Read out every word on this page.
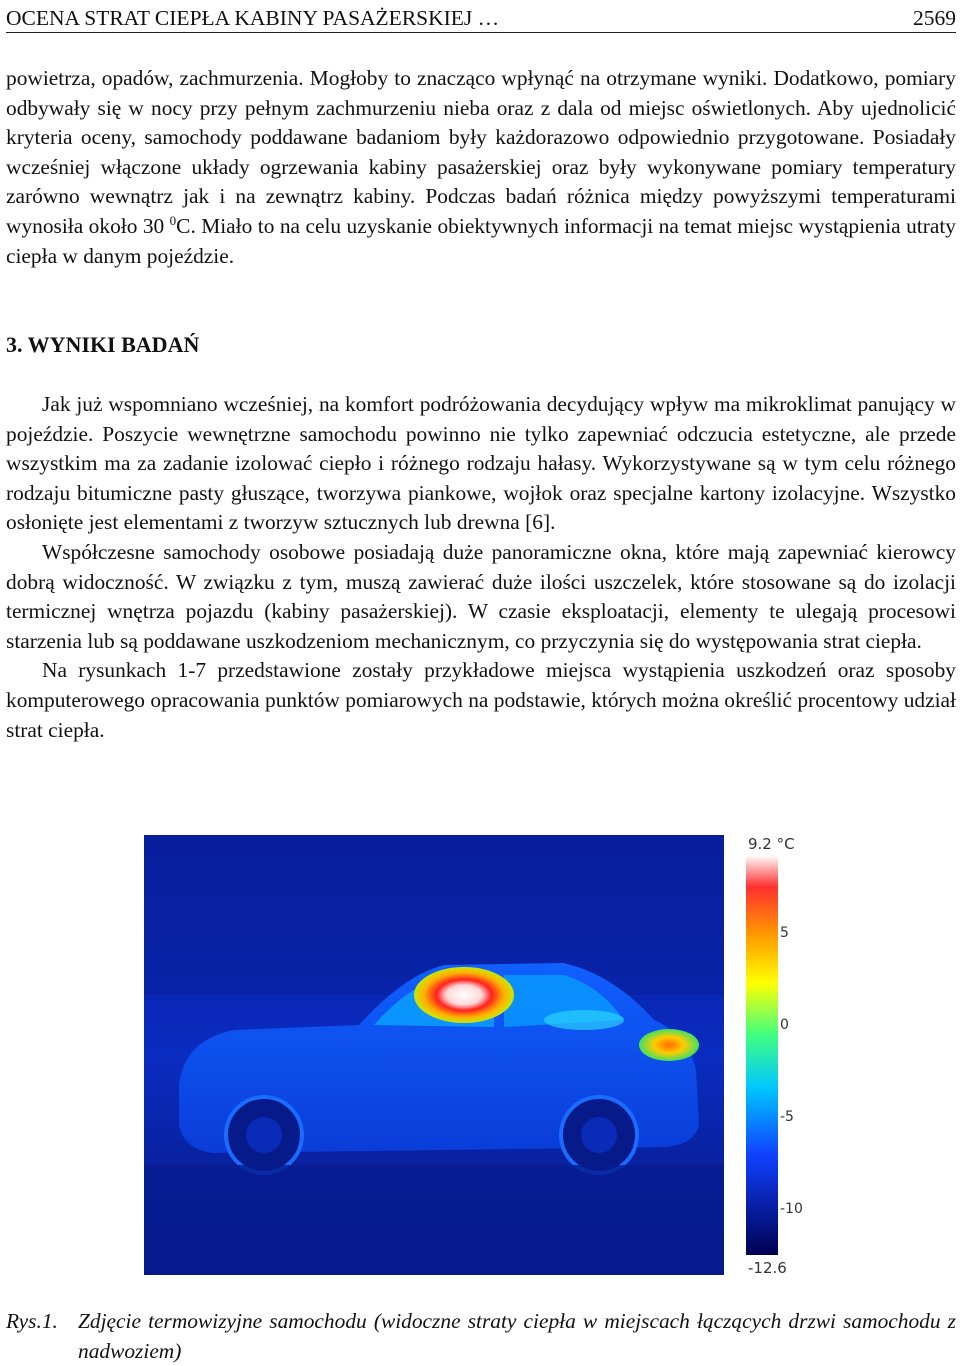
OCENA STRAT CIEPŁA KABINY PASAŻERSKIEJ …	2569

powietrza, opadów, zachmurzenia. Mogłoby to znacząco wpłynąć na otrzymane wyniki. Dodatkowo, pomiary odbywały się w nocy przy pełnym zachmurzeniu nieba oraz z dala od miejsc oświetlonych. Aby ujednolicić kryteria oceny, samochody poddawane badaniom były każdorazowo odpowiednio przygotowane. Posiadały wcześniej włączone układy ogrzewania kabiny pasażerskiej oraz były wykonywane pomiary temperatury zarówno wewnątrz jak i na zewnątrz kabiny. Podczas badań różnica między powyższymi temperaturami wynosiła około 30 $^0$C. Miało to na celu uzyskanie obiektywnych informacji na temat miejsc wystąpienia utraty ciepła w danym pojeździe.

3. WYNIKI BADAŃ

Jak już wspomniano wcześniej, na komfort podróżowania decydujący wpływ ma mikroklimat panujący w pojeździe. Poszycie wewnętrzne samochodu powinno nie tylko zapewniać odczucia estetyczne, ale przede wszystkim ma za zadanie izolować ciepło i różnego rodzaju hałasy. Wykorzystywane są w tym celu różnego rodzaju bitumiczne pasty głuszące, tworzywa piankowe, wojłok oraz specjalne kartony izolacyjne. Wszystko osłonięte jest elementami z tworzyw sztucznych lub drewna [6].

Współczesne samochody osobowe posiadają duże panoramiczne okna, które mają zapewniać kierowcy dobrą widoczność. W związku z tym, muszą zawierać duże ilości uszczelek, które stosowane są do izolacji termicznej wnętrza pojazdu (kabiny pasażerskiej). W czasie eksploatacji, elementy te ulegają procesowi starzenia lub są poddawane uszkodzeniom mechanicznym, co przyczynia się do występowania strat ciepła.

Na rysunkach 1-7 przedstawione zostały przykładowe miejsca wystąpienia uszkodzeń oraz sposoby komputerowego opracowania punktów pomiarowych na podstawie, których można określić procentowy udział strat ciepła.

9.2 °C
5
0
-5
-10
-12.6
Rys.1. Zdjęcie termowizyjne samochodu (widoczne straty ciepła w miejscach łączących drzwi samochodu z nadwoziem)
